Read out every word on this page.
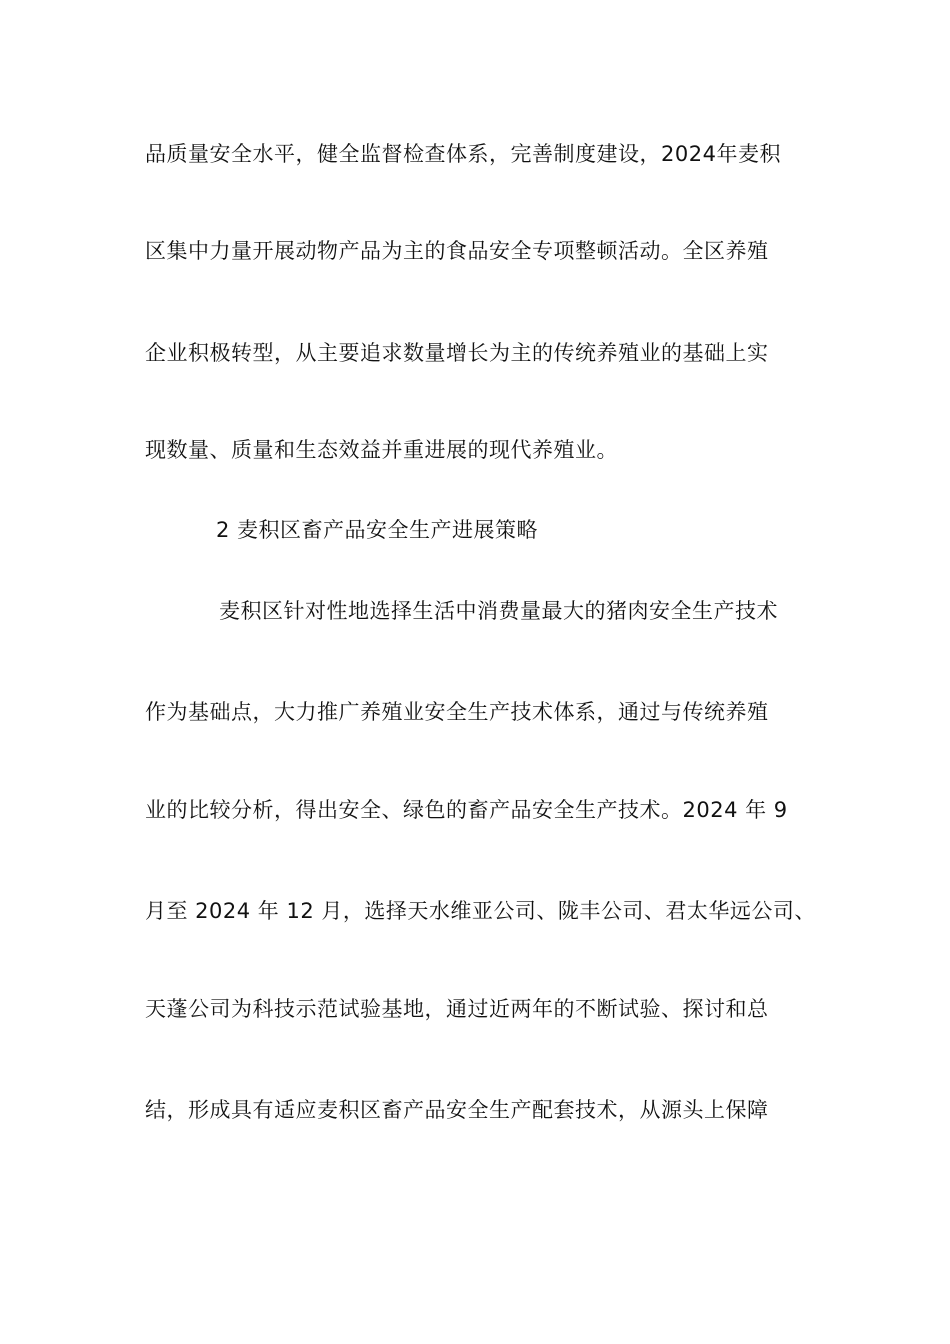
品质量安全水平，健全监督检查体系，完善制度建设，2024年麦积
区集中力量开展动物产品为主的食品安全专项整顿活动。全区养殖
企业积极转型，从主要追求数量增长为主的传统养殖业的基础上实
现数量、质量和生态效益并重进展的现代养殖业。
2 麦积区畜产品安全生产进展策略
麦积区针对性地选择生活中消费量最大的猪肉安全生产技术
作为基础点，大力推广养殖业安全生产技术体系，通过与传统养殖
业的比较分析，得出安全、绿色的畜产品安全生产技术。2024 年 9
月至 2024 年 12 月，选择天水维亚公司、陇丰公司、君太华远公司、
天蓬公司为科技示范试验基地，通过近两年的不断试验、探讨和总
结，形成具有适应麦积区畜产品安全生产配套技术，从源头上保障
